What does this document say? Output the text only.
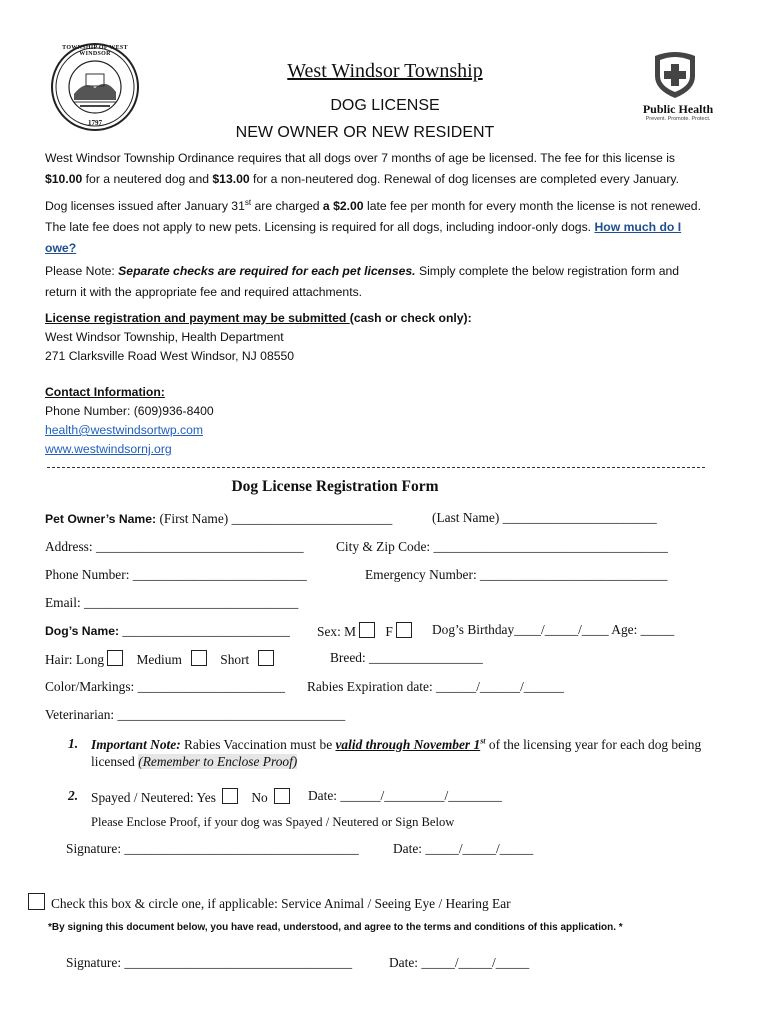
TOWNSHIP OF WEST WINDSOR
1797
West Windsor Township
DOG LICENSE
NEW OWNER OR NEW RESIDENT
Public Health
Prevent. Promote. Protect.

West Windsor Township Ordinance requires that all dogs over 7 months of age be licensed. The fee for this license is
$10.00 for a neutered dog and $13.00 for a non-neutered dog. Renewal of dog licenses are completed every January.

Dog licenses issued after January 31st are charged a $2.00 late fee per month for every month the license is not renewed.
The late fee does not apply to new pets. Licensing is required for all dogs, including indoor-only dogs. How much do I
owe?

Please Note: Separate checks are required for each pet licenses. Simply complete the below registration form and
return it with the appropriate fee and required attachments.

License registration and payment may be submitted (cash or check only):
West Windsor Township, Health Department
271 Clarksville Road West Windsor, NJ 08550

Contact Information:
Phone Number: (609)936-8400
health@westwindsortwp.com
www.westwindsornj.org

Dog License Registration Form
Pet Owner’s Name: (First Name) ________________________	(Last Name) _______________________
Address: _______________________________ City & Zip Code: ___________________________________
Phone Number: __________________________	Emergency Number: ____________________________
Email: ________________________________
Dog’s Name: _________________________ Sex: M F	Dog’s Birthday____/_____/____ Age: _____
Hair: Long Medium	Short	Breed: _________________
Color/Markings: ______________________ Rabies Expiration date: ______/______/______
Veterinarian: __________________________________
1. Important Note: Rabies Vaccination must be valid through November 1st of the licensing year for each dog being
licensed (Remember to Enclose Proof)
2. Spayed / Neutered: Yes	No	Date: ______/_________/________
Please Enclose Proof, if your dog was Spayed / Neutered or Sign Below
Signature: ___________________________________	Date: _____/_____/_____
Check this box & circle one, if applicable: Service Animal / Seeing Eye / Hearing Ear
*By signing this document below, you have read, understood, and agree to the terms and conditions of this application. *
Signature: __________________________________	Date: _____/_____/_____
